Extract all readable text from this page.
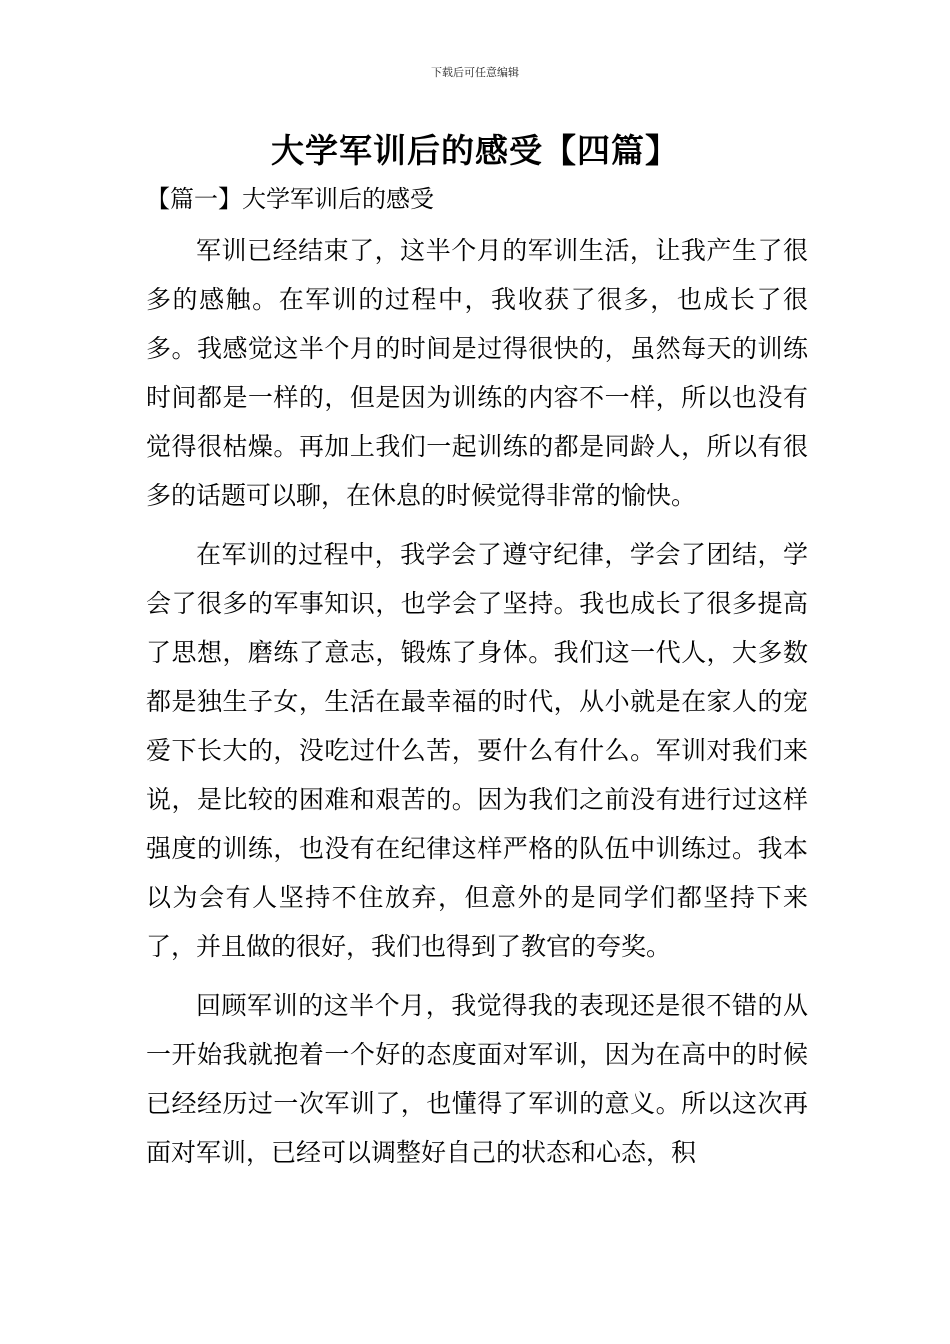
下载后可任意编辑
大学军训后的感受【四篇】
【篇一】大学军训后的感受

军训已经结束了，这半个月的军训生活，让我产生了很多的感触。在军训的过程中，我收获了很多，也成长了很多。我感觉这半个月的时间是过得很快的，虽然每天的训练时间都是一样的，但是因为训练的内容不一样，所以也没有觉得很枯燥。再加上我们一起训练的都是同龄人，所以有很多的话题可以聊，在休息的时候觉得非常的愉快。

在军训的过程中，我学会了遵守纪律，学会了团结，学会了很多的军事知识，也学会了坚持。我也成长了很多提高了思想，磨练了意志，锻炼了身体。我们这一代人，大多数都是独生子女，生活在最幸福的时代，从小就是在家人的宠爱下长大的，没吃过什么苦，要什么有什么。军训对我们来说，是比较的困难和艰苦的。因为我们之前没有进行过这样强度的训练，也没有在纪律这样严格的队伍中训练过。我本以为会有人坚持不住放弃，但意外的是同学们都坚持下来了，并且做的很好，我们也得到了教官的夸奖。

回顾军训的这半个月，我觉得我的表现还是很不错的从一开始我就抱着一个好的态度面对军训，因为在高中的时候已经经历过一次军训了，也懂得了军训的意义。所以这次再面对军训，已经可以调整好自己的状态和心态，积
